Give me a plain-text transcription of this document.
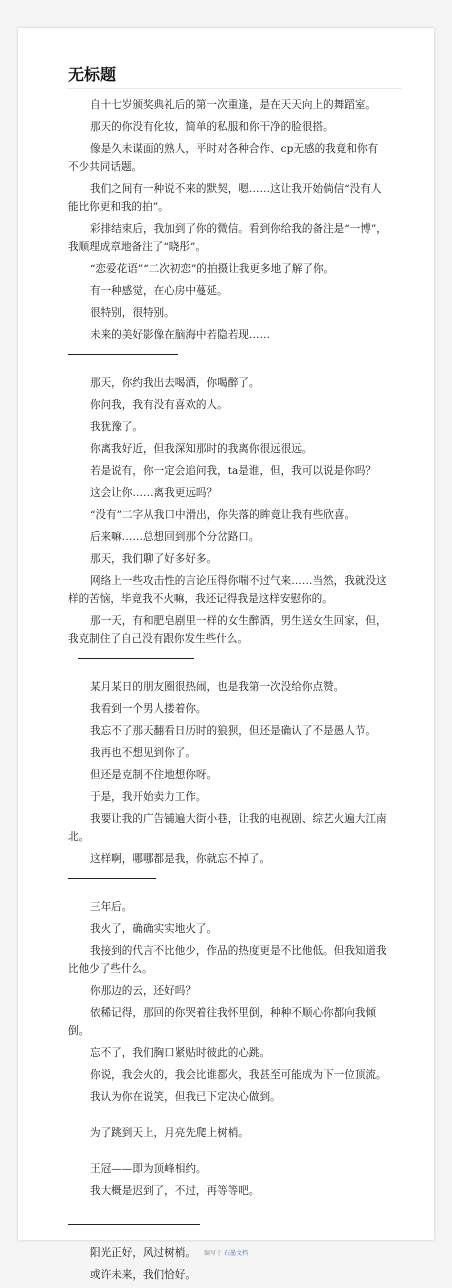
无标题

自十七岁颁奖典礼后的第一次重逢，是在天天向上的舞蹈室。

那天的你没有化妆，简单的私服和你干净的脸很搭。

像是久未谋面的熟人，平时对各种合作、cp无感的我竟和你有不少共同话题。

我们之间有一种说不来的默契，嗯……这让我开始倘信“没有人能比你更和我的拍”。

彩排结束后，我加到了你的微信。看到你给我的备注是“一博”，我顺理成章地备注了“晓彤”。

“恋爱花语”“二次初恋”的拍摄让我更多地了解了你。

有一种感觉，在心房中蔓延。

很特别，很特别。

未来的美好影像在脑海中若隐若现……

那天，你约我出去喝酒，你喝醉了。

你问我，我有没有喜欢的人。

我犹豫了。

你离我好近，但我深知那时的我离你很远很远。

若是说有，你一定会追问我，ta是谁，但，我可以说是你吗？

这会让你……离我更远吗？

“没有”二字从我口中滑出，你失落的眸竟让我有些欣喜。

后来嘛……总想回到那个分岔路口。

那天，我们聊了好多好多。

网络上一些攻击性的言论压得你喘不过气来……当然，我就没这样的苦恼，毕竟我不火嘛，我还记得我是这样安慰你的。

那一天，有和肥皂剧里一样的女生醉酒，男生送女生回家，但，我克制住了自己没有跟你发生些什么。

某月某日的朋友圈很热闹，也是我第一次没给你点赞。

我看到一个男人搂着你。

我忘不了那天翻看日历时的狼狈，但还是确认了不是愚人节。

我再也不想见到你了。

但还是克制不住地想你呀。

于是，我开始卖力工作。

我要让我的广告铺遍大街小巷，让我的电视剧、综艺火遍大江南北。

这样啊，哪哪都是我，你就忘不掉了。

三年后。

我火了，确确实实地火了。

我接到的代言不比他少，作品的热度更是不比他低。但我知道我比他少了些什么。

你那边的云，还好吗？

依稀记得，那回的你哭着往我怀里倒，种种不顺心你都向我倾倒。

忘不了，我们胸口紧贴时彼此的心跳。

你说，我会火的，我会比谁都火，我甚至可能成为下一位顶流。

我认为你在说笑，但我已下定决心做到。

为了跳到天上，月亮先爬上树梢。

王冠——即为顶峰相约。

我大概是迟到了，不过，再等等吧。

阳光正好，风过树梢。

或许未来，我们恰好。

编写于 石墨文档
